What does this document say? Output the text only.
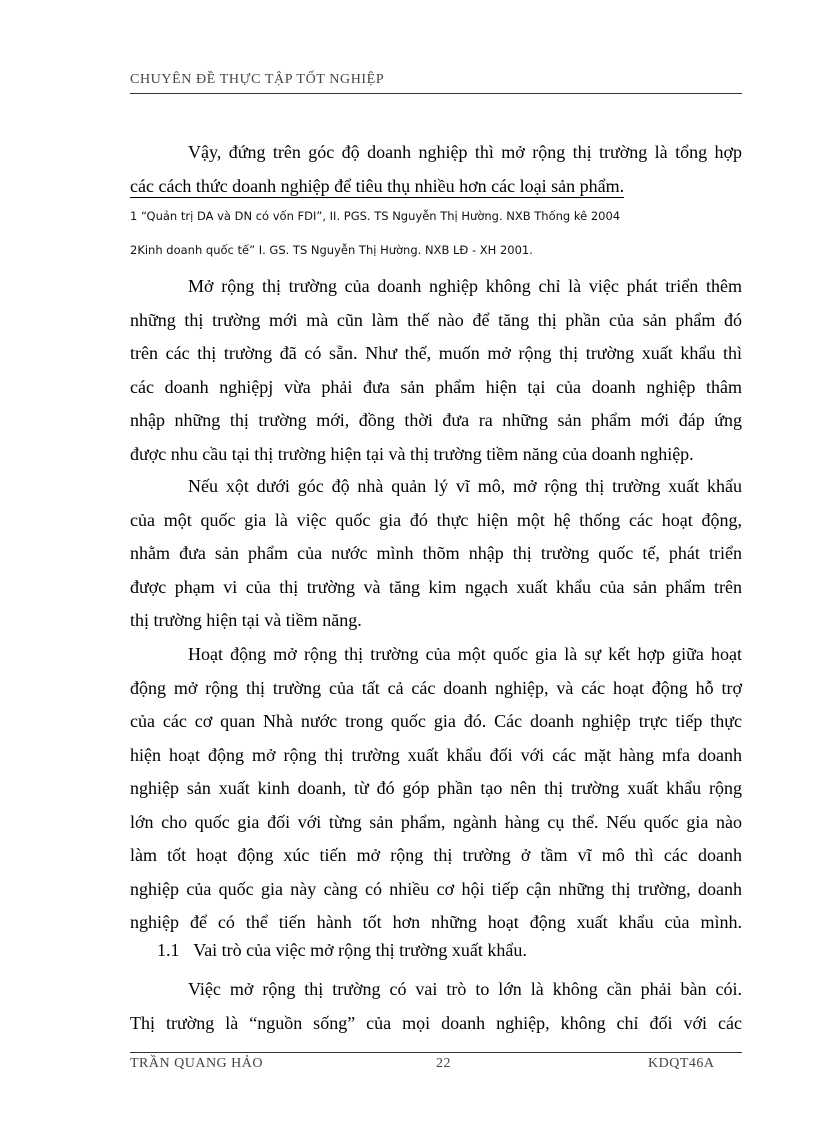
CHUYÊN ĐỀ THỰC TẬP TỐT NGHIỆP
Vậy, đứng trên góc độ doanh nghiệp thì mở rộng thị trường là tổng hợp
các cách thức doanh nghiệp để tiêu thụ nhiều hơn các loại sản phẩm.
1 “Quản trị DA và DN có vốn FDI”, II. PGS. TS Nguyễn Thị Hường. NXB Thống kê 2004
2Kinh doanh quốc tế” I. GS. TS Nguyễn Thị Hường. NXB LĐ - XH 2001.
Mở rộng thị trường của doanh nghiệp không chỉ là việc phát triển thêm
những thị trường mới mà cũn làm thế nào để tăng thị phần của sản phẩm đó
trên các thị trường đã có sẵn. Như thế, muốn mở rộng thị trường xuất khẩu thì
các doanh nghiệpj vừa phải đưa sản phẩm hiện tại của doanh nghiệp thâm
nhập những thị trường mới, đồng thời đưa ra những sản phẩm mới đáp ứng
được nhu cầu tại thị trường hiện tại và thị trường tiềm năng của doanh nghiệp.
Nếu xột dưới góc độ nhà quản lý vĩ mô, mở rộng thị trường xuất khẩu
của một quốc gia là việc quốc gia đó thực hiện một hệ thống các hoạt động,
nhằm đưa sản phẩm của nước mình thõm nhập thị trường quốc tế, phát triển
được phạm vi của thị trường và tăng kim ngạch xuất khẩu của sản phẩm trên
thị trường hiện tại và tiềm năng.
Hoạt động mở rộng thị trường của một quốc gia là sự kết hợp giữa hoạt
động mở rộng thị trường của tất cả các doanh nghiệp, và các hoạt động hỗ trợ
của các cơ quan Nhà nước trong quốc gia đó. Các doanh nghiệp trực tiếp thực
hiện hoạt động mở rộng thị trường xuất khẩu đối với các mặt hàng mfa doanh
nghiệp sản xuất kinh doanh, từ đó góp phần tạo nên thị trường xuất khẩu rộng
lớn cho quốc gia đối với từng sản phẩm, ngành hàng cụ thể. Nếu quốc gia nào
làm tốt hoạt động xúc tiến mở rộng thị trường ở tầm vĩ mô thì các doanh
nghiệp của quốc gia này càng có nhiều cơ hội tiếp cận những thị trường, doanh
nghiệp để có thể tiến hành tốt hơn những hoạt động xuất khẩu của mình.
1.1 Vai trò của việc mở rộng thị trường xuất khẩu.
Việc mở rộng thị trường có vai trò to lớn là không cần phải bàn cói.
Thị trường là “nguồn sống” của mọi doanh nghiệp, không chỉ đối với các
TRẦN QUANG HẢO	22	KDQT46A
